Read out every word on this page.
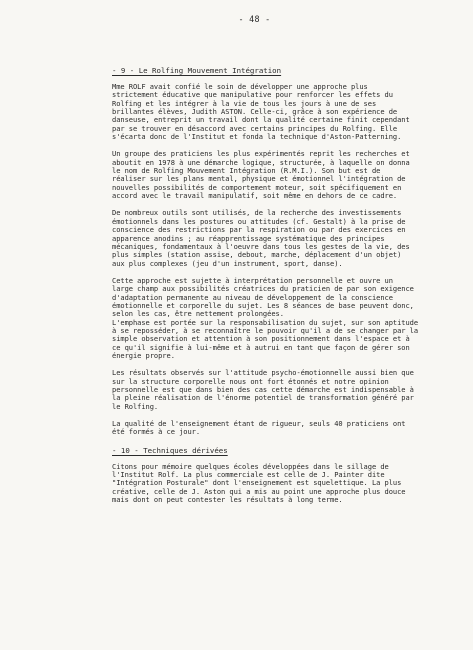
- 48 -
- 9 - Le Rolfing Mouvement Intégration
Mme ROLF avait confié le soin de développer une approche plus
strictement éducative que manipulative pour renforcer les effets du
Rolfing et les intégrer à la vie de tous les jours à une de ses
brillantes élèves, Judith ASTON. Celle-ci, grâce à son expérience de
danseuse, entreprit un travail dont la qualité certaine finit cependant
par se trouver en désaccord avec certains principes du Rolfing. Elle
s'écarta donc de l'Institut et fonda la technique d'Aston-Patterning.
Un groupe des praticiens les plus expérimentés reprit les recherches et
aboutit en 1978 à une démarche logique, structurée, à laquelle on donna
le nom de Rolfing Mouvement Intégration (R.M.I.). Son but est de
réaliser sur les plans mental, physique et émotionnel l'intégration de
nouvelles possibilités de comportement moteur, soit spécifiquement en
accord avec le travail manipulatif, soit même en dehors de ce cadre.
De nombreux outils sont utilisés, de la recherche des investissements
émotionnels dans les postures ou attitudes (cf. Gestalt) à la prise de
conscience des restrictions par la respiration ou par des exercices en
apparence anodins ; au réapprentissage systématique des principes
mécaniques, fondamentaux à l'oeuvre dans tous les gestes de la vie, des
plus simples (station assise, debout, marche, déplacement d'un objet)
aux plus complexes (jeu d'un instrument, sport, danse).
Cette approche est sujette à interprétation personnelle et ouvre un
large champ aux possibilités créatrices du praticien de par son exigence
d'adaptation permanente au niveau de développement de la conscience
émotionnelle et corporelle du sujet. Les 8 séances de base peuvent donc,
selon les cas, être nettement prolongées.
L'emphase est portée sur la responsabilisation du sujet, sur son aptitude
à se reposséder, à se reconnaître le pouvoir qu'il a de se changer par la
simple observation et attention à son positionnement dans l'espace et à
ce qu'il signifie à lui-même et à autrui en tant que façon de gérer son
énergie propre.
Les résultats observés sur l'attitude psycho-émotionnelle aussi bien que
sur la structure corporelle nous ont fort étonnés et notre opinion
personnelle est que dans bien des cas cette démarche est indispensable à
la pleine réalisation de l'énorme potentiel de transformation généré par
le Rolfing.
La qualité de l'enseignement étant de rigueur, seuls 40 praticiens ont
été formés à ce jour.
- 10 - Techniques dérivées
Citons pour mémoire quelques écoles développées dans le sillage de
l'Institut Rolf. La plus commerciale est celle de J. Painter dite
"Intégration Posturale" dont l'enseignement est squelettique. La plus
créative, celle de J. Aston qui a mis au point une approche plus douce
mais dont on peut contester les résultats à long terme.
